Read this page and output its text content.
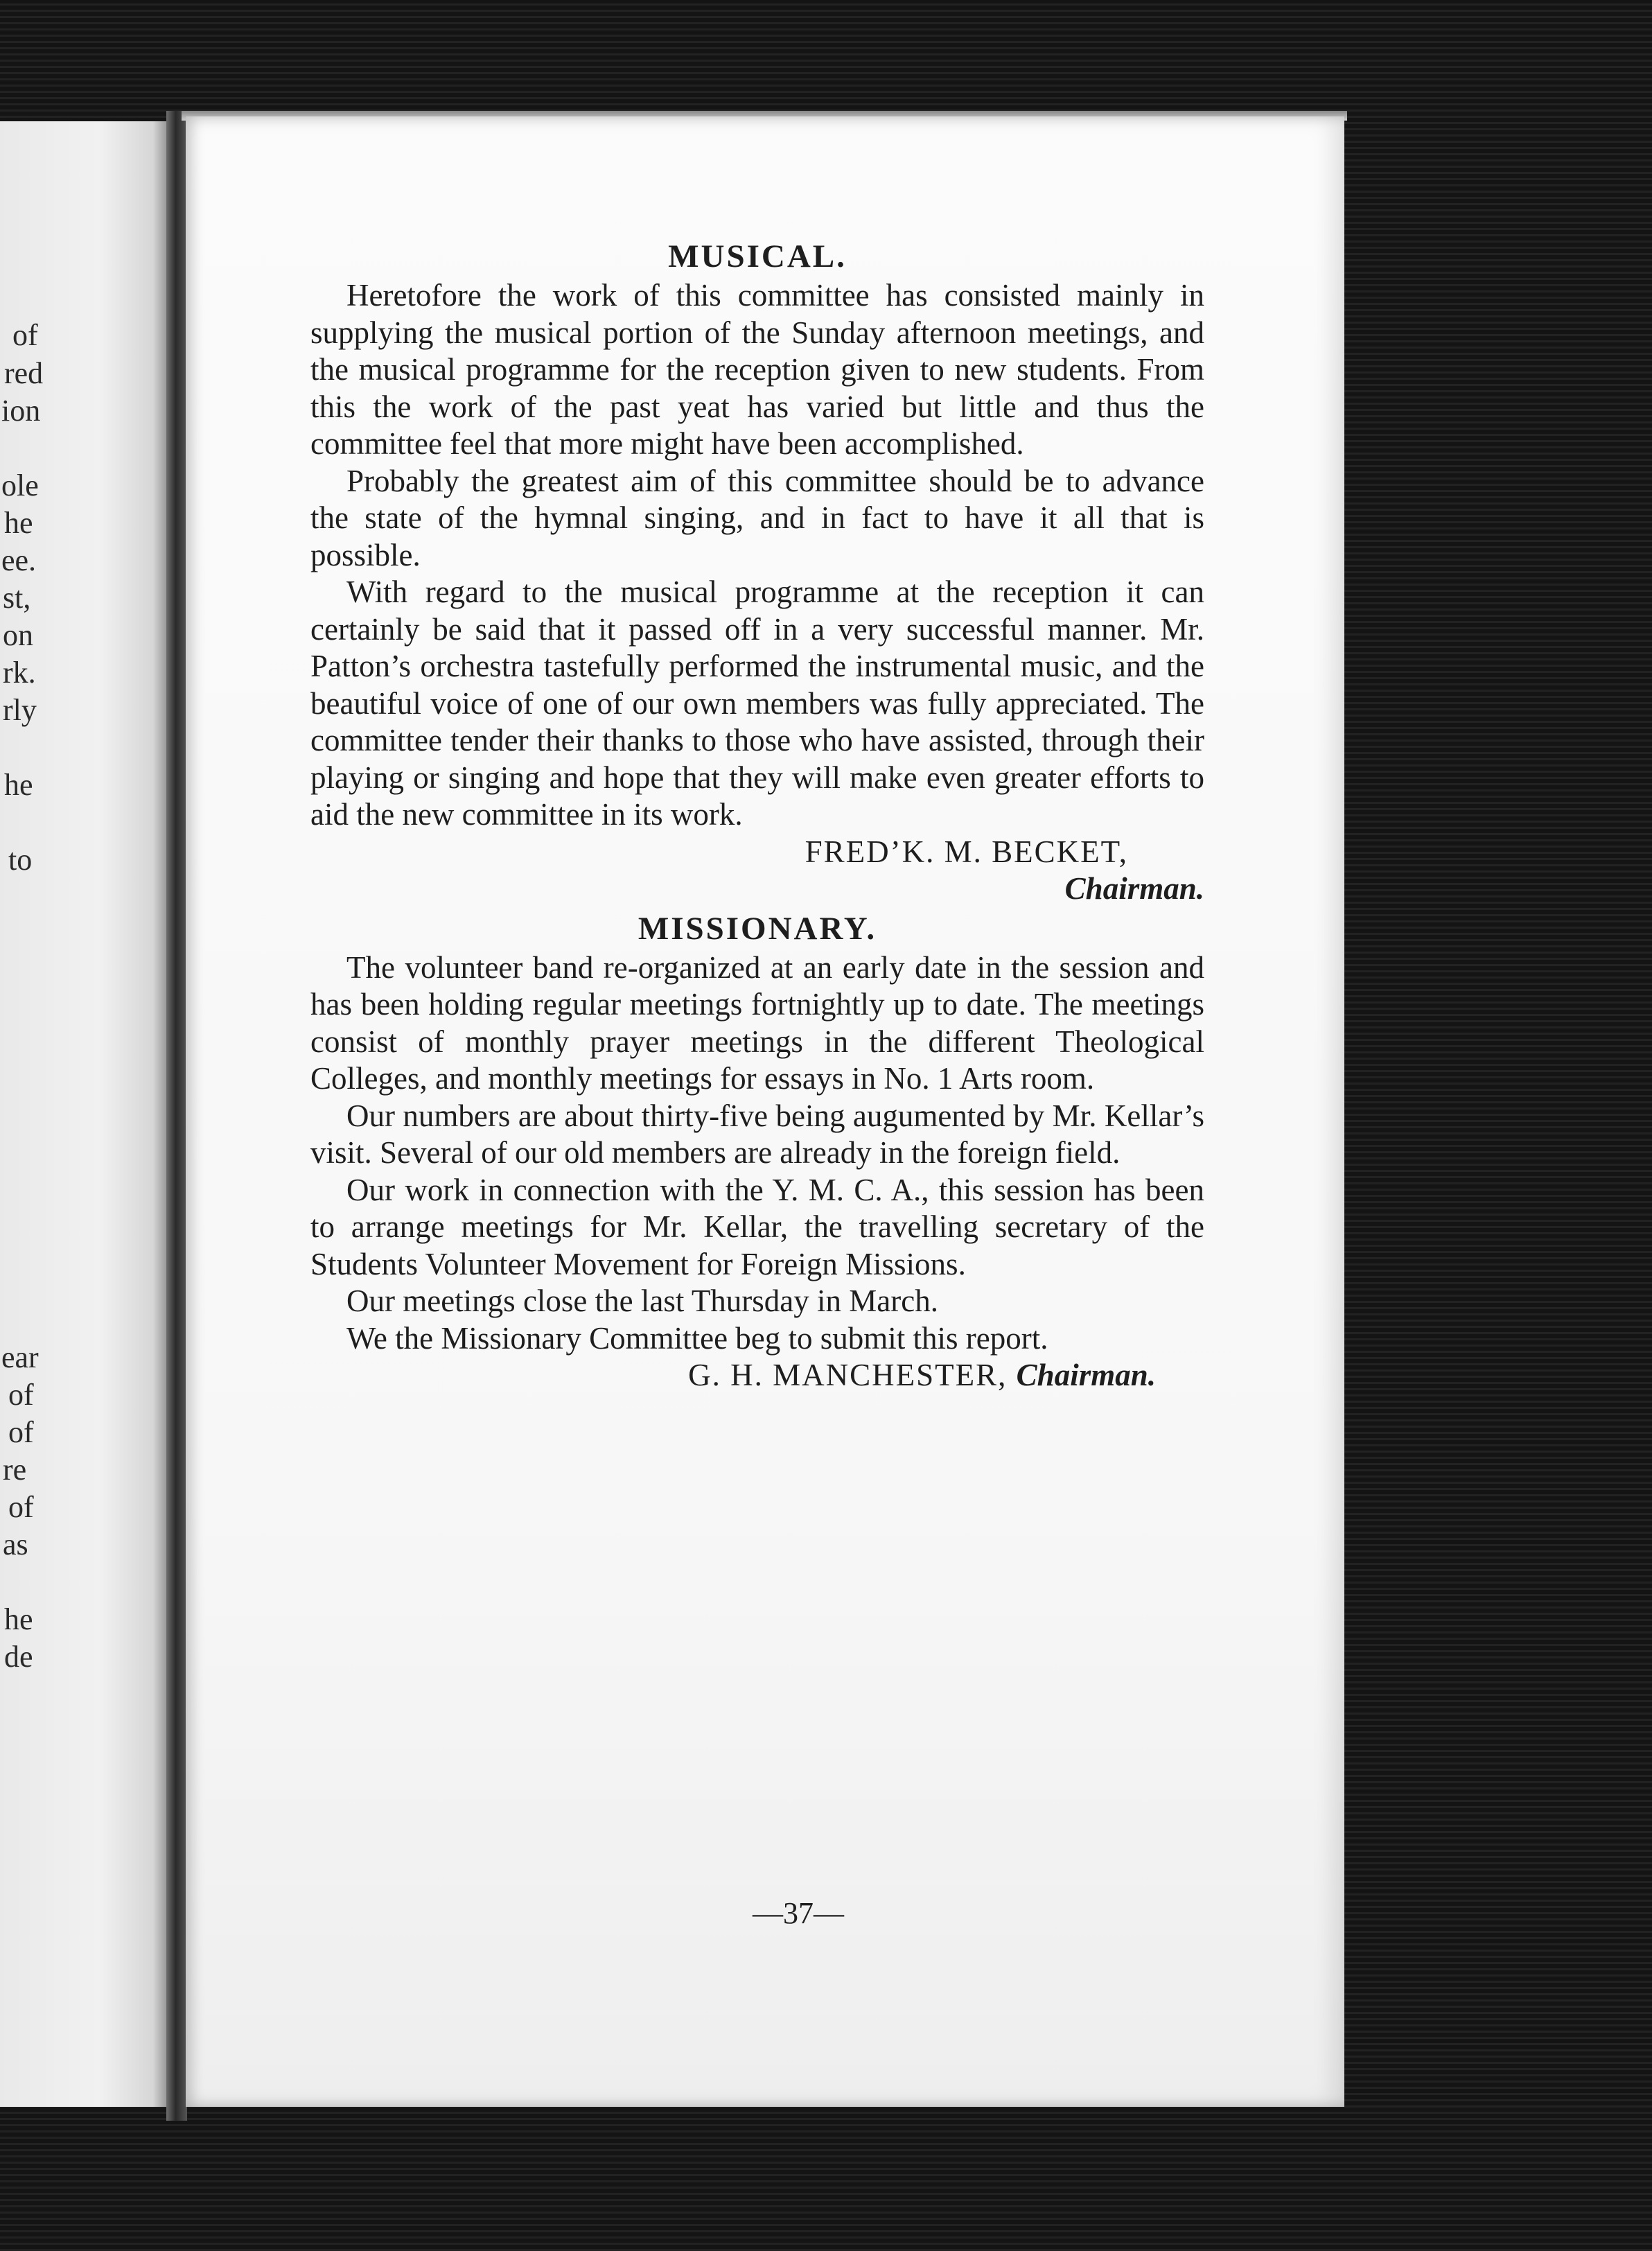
of
red
ion
ole
he
ee.
st,
on
rk.
rly
he
to
ear
of
of
re
of
as
he
de
MUSICAL.

Heretofore the work of this committee has consisted mainly in supplying the musical portion of the Sunday afternoon meetings, and the musical programme for the reception given to new students. From this the work of the past yeat has varied but little and thus the committee feel that more might have been accomplished.

Probably the greatest aim of this committee should be to advance the state of the hymnal singing, and in fact to have it all that is possible.

With regard to the musical programme at the reception it can certainly be said that it passed off in a very successful manner. Mr. Patton’s orchestra tastefully performed the instrumental music, and the beautiful voice of one of our own members was fully appreciated. The committee tender their thanks to those who have assisted, through their playing or singing and hope that they will make even greater efforts to aid the new committee in its work.

FRED’K. M. BECKET,

Chairman.

MISSIONARY.

The volunteer band re-organized at an early date in the session and has been holding regular meetings fortnightly up to date. The meetings consist of monthly prayer meetings in the different Theological Colleges, and monthly meetings for essays in No. 1 Arts room.

Our numbers are about thirty-five being augumented by Mr. Kellar’s visit. Several of our old members are already in the foreign field.

Our work in connection with the Y. M. C. A., this session has been to arrange meetings for Mr. Kellar, the travelling secretary of the Students Volunteer Movement for Foreign Missions.

Our meetings close the last Thursday in March.

We the Missionary Committee beg to submit this report.

G. H. MANCHESTER, Chairman.

—37—
